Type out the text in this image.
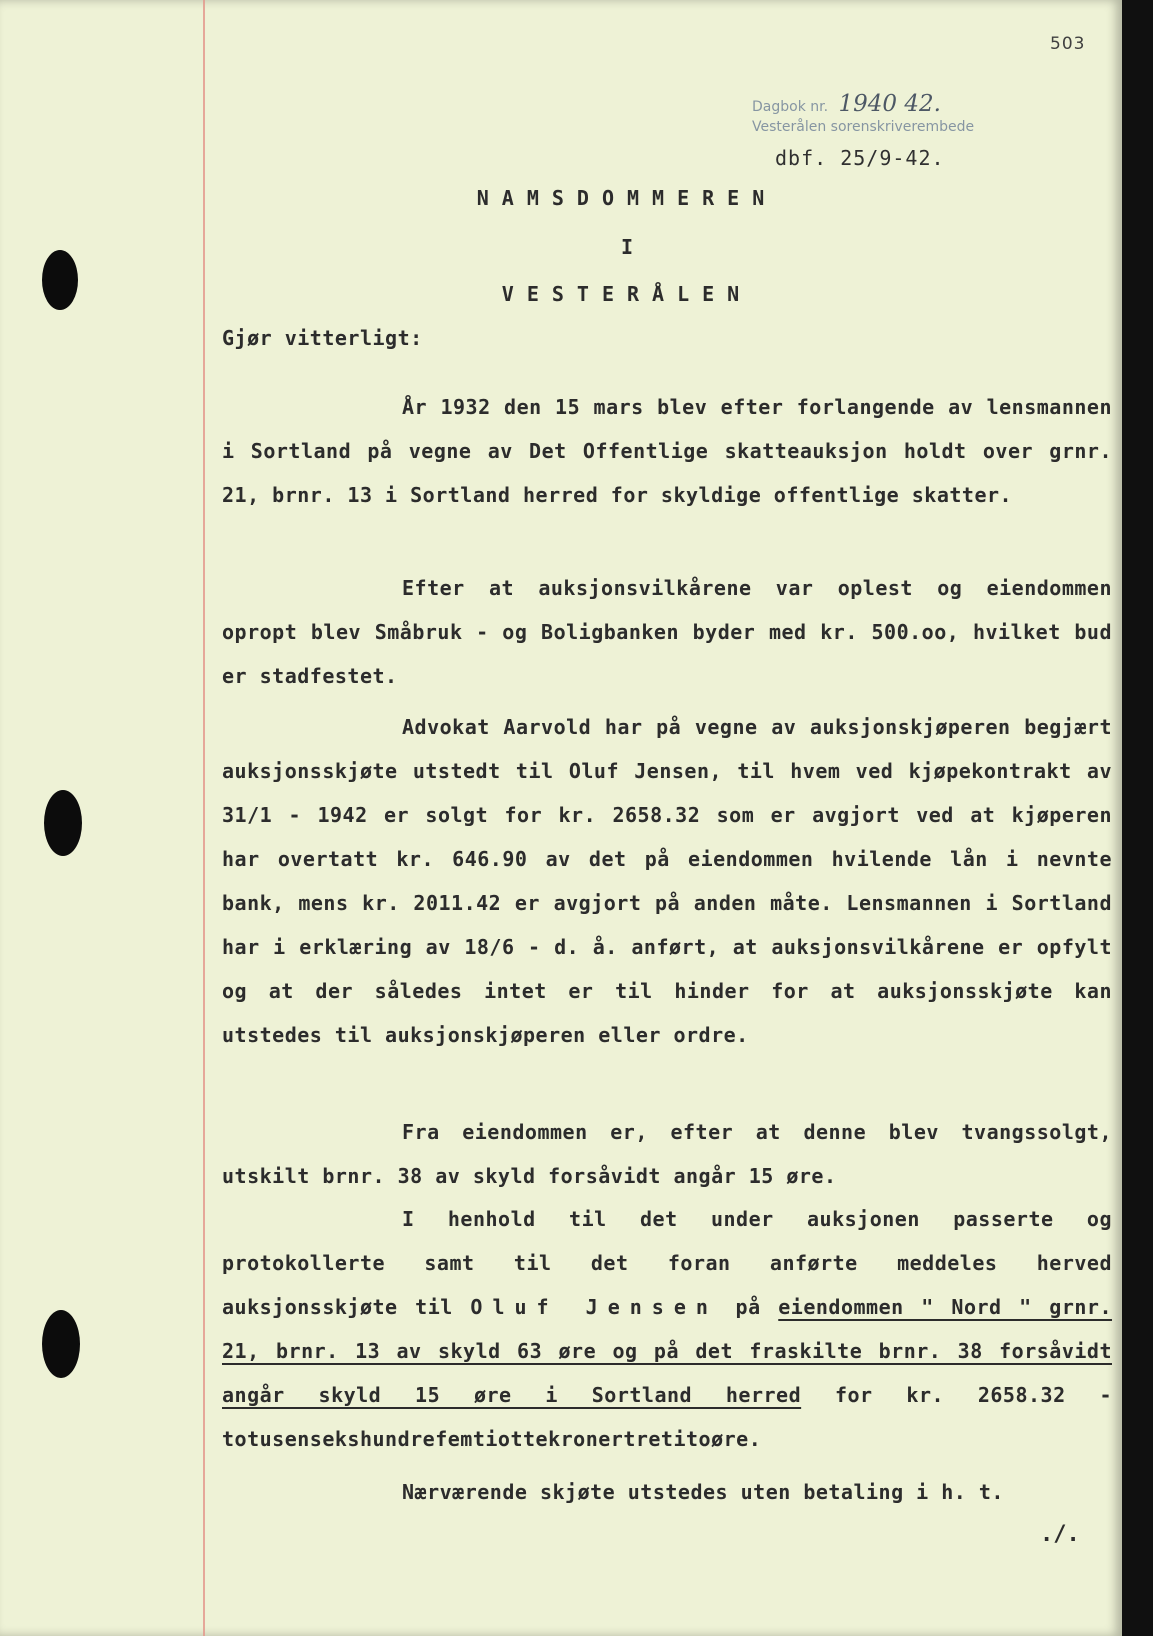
503
Dagbok nr. 1940 42.
Vesterålen sorenskriverembede
dbf. 25/9-42.
NAMSDOMMEREN
I
VESTERÅLEN
Gjør vitterligt:
År 1932 den 15 mars blev efter forlangende av lensmannen i Sortland på vegne av Det Offentlige skatteauksjon holdt over grnr. 21, brnr. 13 i Sortland herred for skyldige offentlige skatter.
Efter at auksjonsvilkårene var oplest og eiendommen opropt blev Småbruk - og Boligbanken byder med kr. 500.oo, hvilket bud er stadfestet.
Advokat Aarvold har på vegne av auksjonskjøperen begjært auksjonsskjøte utstedt til Oluf Jensen, til hvem ved kjøpekontrakt av 31/1 - 1942 er solgt for kr. 2658.32 som er avgjort ved at kjøperen har overtatt kr. 646.90 av det på eiendommen hvilende lån i nevnte bank, mens kr. 2011.42 er avgjort på anden måte. Lensmannen i Sortland har i erklæring av 18/6 - d. å. anført, at auksjonsvilkårene er opfylt og at der således intet er til hinder for at auksjonsskjøte kan utstedes til auksjonskjøperen eller ordre.
Fra eiendommen er, efter at denne blev tvangssolgt, utskilt brnr. 38 av skyld forsåvidt angår 15 øre.
I henhold til det under auksjonen passerte og protokollerte samt til det foran anførte meddeles herved auksjonsskjøte til Oluf Jensen på eiendommen " Nord " grnr. 21, brnr. 13 av skyld 63 øre og på det fraskilte brnr. 38 forsåvidt angår skyld 15 øre i Sortland herred for kr. 2658.32 - totusensekshundrefemtiottekronertretitoøre.
Nærværende skjøte utstedes uten betaling i h. t.
./.
